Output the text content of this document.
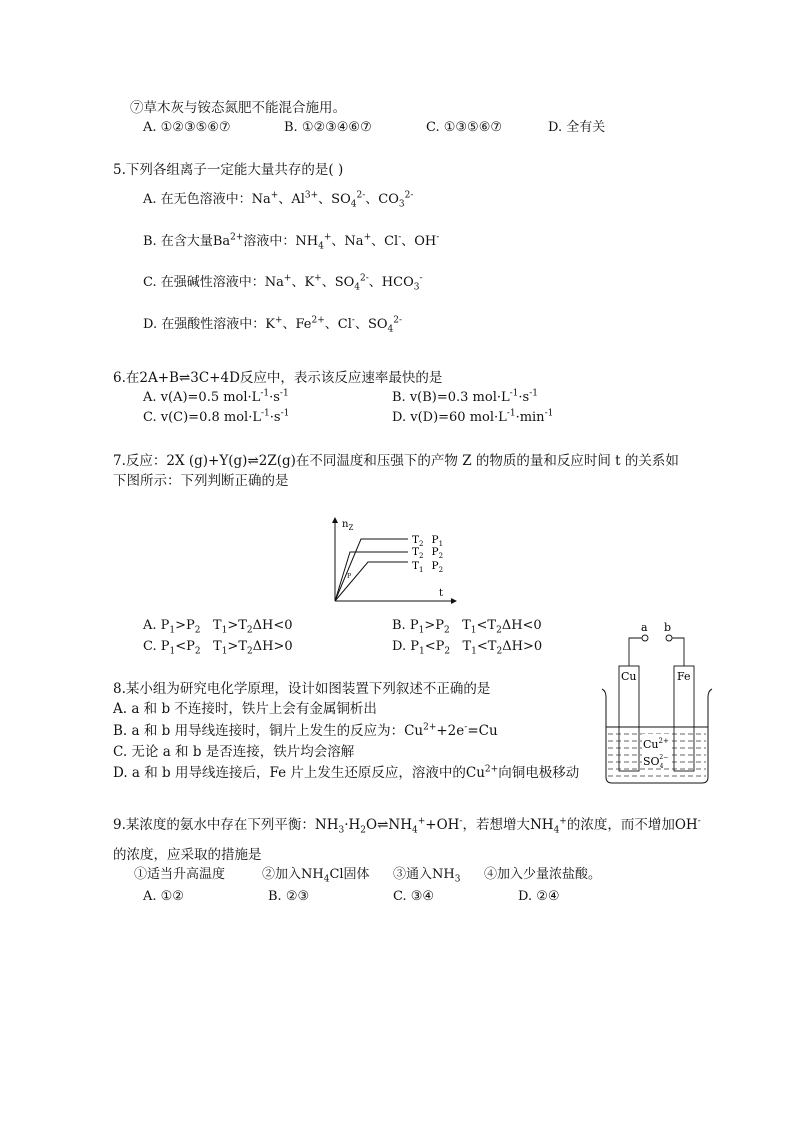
⑦草木灰与铵态氮肥不能混合施用。
A. ①②③⑤⑥⑦	B. ①②③④⑥⑦	C. ①③⑤⑥⑦	D. 全有关
5.下列各组离子一定能大量共存的是( )
A. 在无色溶液中：Na+、$Al^{3+}$、$SO_4^{2-}$、$CO_3^{2-}$
B. 在含大量$Ba^{2+}$溶液中：$NH_4^+$、Na+、Cl-、OH-
C. 在强碱性溶液中：Na+、K+、$SO_4^{2-}$、$HCO_3^-$
D. 在强酸性溶液中：K+、$Fe^{2+}$、Cl-、$SO_4^{2-}$
6.在2A+B⇌3C+4D反应中，表示该反应速率最快的是
A. v(A)=0.5 $mol\cdot L^{-1}\cdot s^{-1}$	B. v(B)=0.3 $mol\cdot L^{-1}\cdot s^{-1}$
C. v(C)=0.8 $mol\cdot L^{-1}\cdot s^{-1}$	D. v(D)=60 $mol\cdot L^{-1}\cdot\min^{-1}$
7.反应：2X (g)+Y(g)⇌2Z(g)在不同温度和压强下的产物 Z 的物质的量和反应时间 t 的关系如
下图所示：下列判断正确的是
$n_Z$
t
P
$T_2$ $P_1$
$T_2$ $P_2$
$T_1$ $P_2$
A. $P_1>P_2$   $T_1>T_2\Delta H<0$	B. $P_1>P_2$   $T_1<T_2\Delta H<0$
C. $P_1<P_2$   $T_1>T_2\Delta H>0$	D. $P_1<P_2$   $T_1<T_2\Delta H>0$
a b
Cu	Fe
$Cu^{2+}$
$SO_42-$
8.某小组为研究电化学原理，设计如图装置下列叙述不正确的是
A. a 和 b 不连接时，铁片上会有金属铜析出
B. a 和 b 用导线连接时，铜片上发生的反应为：$Cu^{2+}+2e^-=Cu$
C. 无论 a 和 b 是否连接，铁片均会溶解
D. a 和 b 用导线连接后，Fe 片上发生还原反应，溶液中的$Cu^{2+}$向铜电极移动
9.某浓度的氨水中存在下列平衡：$NH_3\cdot H_2O\rightleftharpoons NH_4^++OH^-$，若想增大$NH_4^+$的浓度，而不增加OH-
的浓度，应采取的措施是
①适当升高温度	②加入$NH_4Cl$固体 ③通入$NH_3$ ④加入少量浓盐酸。
A. ①②	B. ②③	C. ③④	D. ②④
